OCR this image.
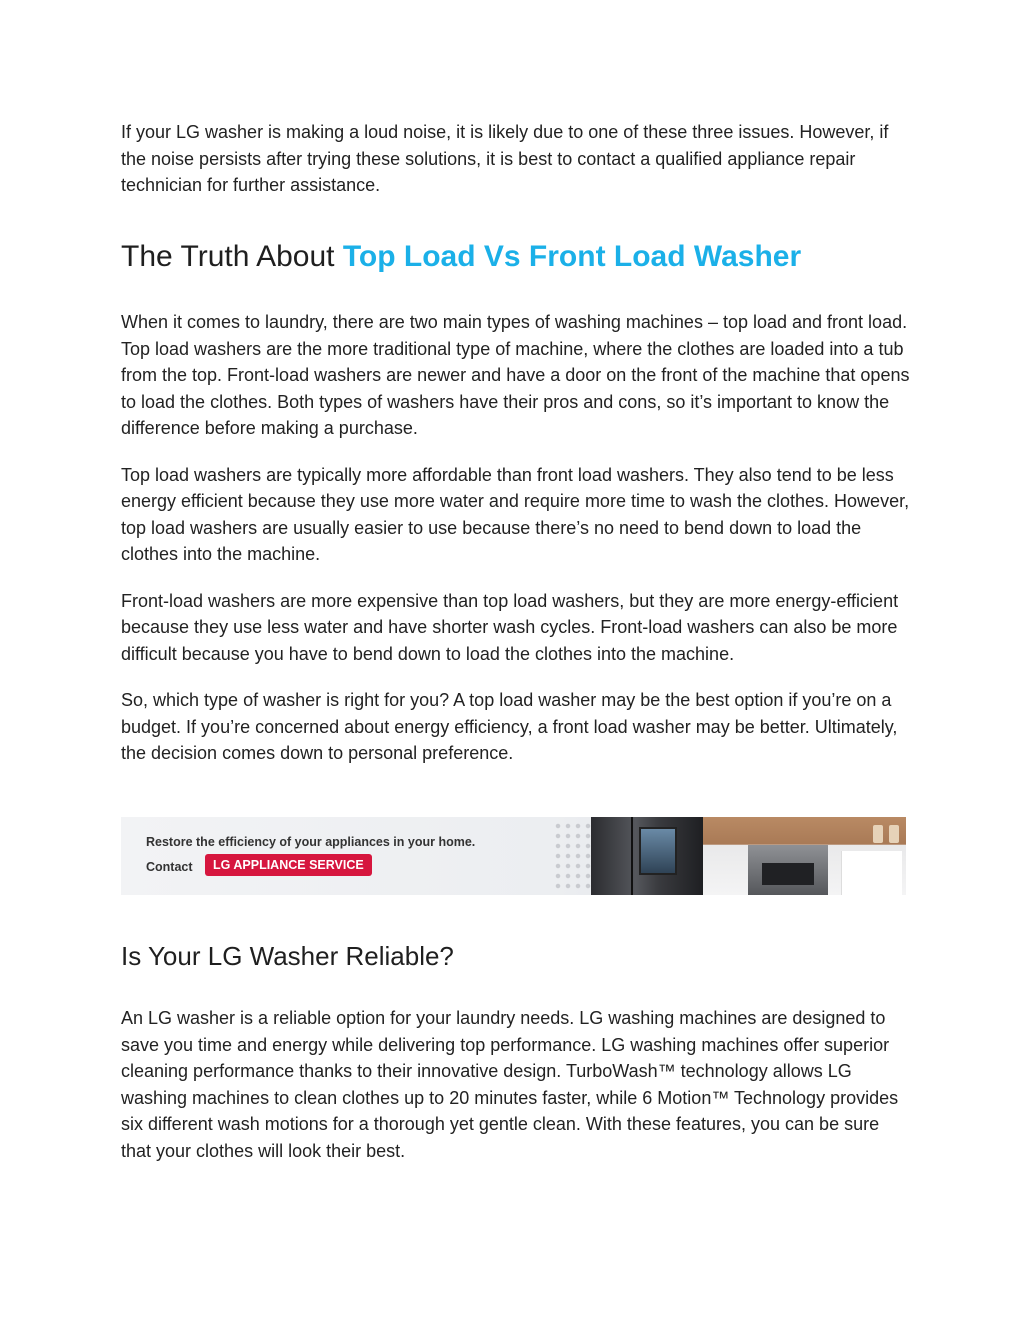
If your LG washer is making a loud noise, it is likely due to one of these three issues. However, if the noise persists after trying these solutions, it is best to contact a qualified appliance repair technician for further assistance.

The Truth About Top Load Vs Front Load Washer

When it comes to laundry, there are two main types of washing machines – top load and front load. Top load washers are the more traditional type of machine, where the clothes are loaded into a tub from the top. Front-load washers are newer and have a door on the front of the machine that opens to load the clothes. Both types of washers have their pros and cons, so it’s important to know the difference before making a purchase.

Top load washers are typically more affordable than front load washers. They also tend to be less energy efficient because they use more water and require more time to wash the clothes. However, top load washers are usually easier to use because there’s no need to bend down to load the clothes into the machine.

Front-load washers are more expensive than top load washers, but they are more energy-efficient because they use less water and have shorter wash cycles. Front-load washers can also be more difficult because you have to bend down to load the clothes into the machine.

So, which type of washer is right for you? A top load washer may be the best option if you’re on a budget. If you’re concerned about energy efficiency, a front load washer may be better. Ultimately, the decision comes down to personal preference.

Restore the efficiency of your appliances in your home.
Contact	LG APPLIANCE SERVICE
Is Your LG Washer Reliable?

An LG washer is a reliable option for your laundry needs. LG washing machines are designed to save you time and energy while delivering top performance. LG washing machines offer superior cleaning performance thanks to their innovative design. TurboWash™ technology allows LG washing machines to clean clothes up to 20 minutes faster, while 6 Motion™ Technology provides six different wash motions for a thorough yet gentle clean. With these features, you can be sure that your clothes will look their best.
